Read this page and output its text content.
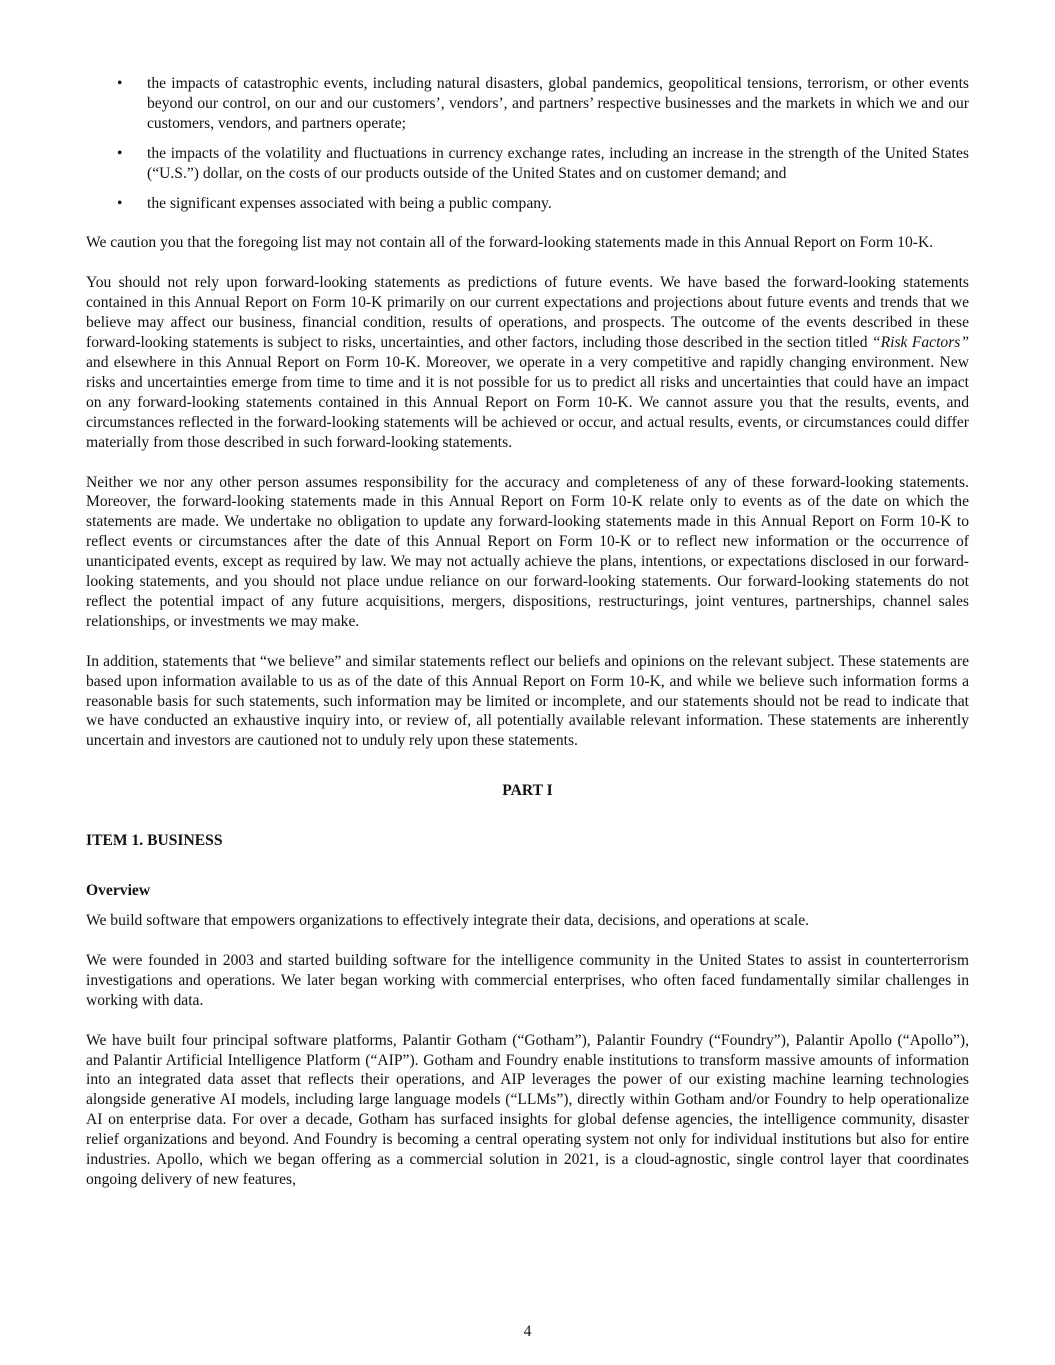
• the impacts of catastrophic events, including natural disasters, global pandemics, geopolitical tensions, terrorism, or other events beyond our control, on our and our customers’, vendors’, and partners’ respective businesses and the markets in which we and our customers, vendors, and partners operate;
• the impacts of the volatility and fluctuations in currency exchange rates, including an increase in the strength of the United States (“U.S.”) dollar, on the costs of our products outside of the United States and on customer demand; and
• the significant expenses associated with being a public company.

We caution you that the foregoing list may not contain all of the forward-looking statements made in this Annual Report on Form 10-K.

You should not rely upon forward-looking statements as predictions of future events. We have based the forward-looking statements contained in this Annual Report on Form 10-K primarily on our current expectations and projections about future events and trends that we believe may affect our business, financial condition, results of operations, and prospects. The outcome of the events described in these forward-looking statements is subject to risks, uncertainties, and other factors, including those described in the section titled “Risk Factors” and elsewhere in this Annual Report on Form 10-K. Moreover, we operate in a very competitive and rapidly changing environment. New risks and uncertainties emerge from time to time and it is not possible for us to predict all risks and uncertainties that could have an impact on any forward-looking statements contained in this Annual Report on Form 10-K. We cannot assure you that the results, events, and circumstances reflected in the forward-looking statements will be achieved or occur, and actual results, events, or circumstances could differ materially from those described in such forward-looking statements.

Neither we nor any other person assumes responsibility for the accuracy and completeness of any of these forward-looking statements. Moreover, the forward-looking statements made in this Annual Report on Form 10-K relate only to events as of the date on which the statements are made. We undertake no obligation to update any forward-looking statements made in this Annual Report on Form 10-K to reflect events or circumstances after the date of this Annual Report on Form 10-K or to reflect new information or the occurrence of unanticipated events, except as required by law. We may not actually achieve the plans, intentions, or expectations disclosed in our forward-looking statements, and you should not place undue reliance on our forward-looking statements. Our forward-looking statements do not reflect the potential impact of any future acquisitions, mergers, dispositions, restructurings, joint ventures, partnerships, channel sales relationships, or investments we may make.

In addition, statements that “we believe” and similar statements reflect our beliefs and opinions on the relevant subject. These statements are based upon information available to us as of the date of this Annual Report on Form 10-K, and while we believe such information forms a reasonable basis for such statements, such information may be limited or incomplete, and our statements should not be read to indicate that we have conducted an exhaustive inquiry into, or review of, all potentially available relevant information. These statements are inherently uncertain and investors are cautioned not to unduly rely upon these statements.

PART I
ITEM 1. BUSINESS
Overview

We build software that empowers organizations to effectively integrate their data, decisions, and operations at scale.

We were founded in 2003 and started building software for the intelligence community in the United States to assist in counterterrorism investigations and operations. We later began working with commercial enterprises, who often faced fundamentally similar challenges in working with data.

We have built four principal software platforms, Palantir Gotham (“Gotham”), Palantir Foundry (“Foundry”), Palantir Apollo (“Apollo”), and Palantir Artificial Intelligence Platform (“AIP”). Gotham and Foundry enable institutions to transform massive amounts of information into an integrated data asset that reflects their operations, and AIP leverages the power of our existing machine learning technologies alongside generative AI models, including large language models (“LLMs”), directly within Gotham and/or Foundry to help operationalize AI on enterprise data. For over a decade, Gotham has surfaced insights for global defense agencies, the intelligence community, disaster relief organizations and beyond. And Foundry is becoming a central operating system not only for individual institutions but also for entire industries. Apollo, which we began offering as a commercial solution in 2021, is a cloud-agnostic, single control layer that coordinates ongoing delivery of new features,

4
